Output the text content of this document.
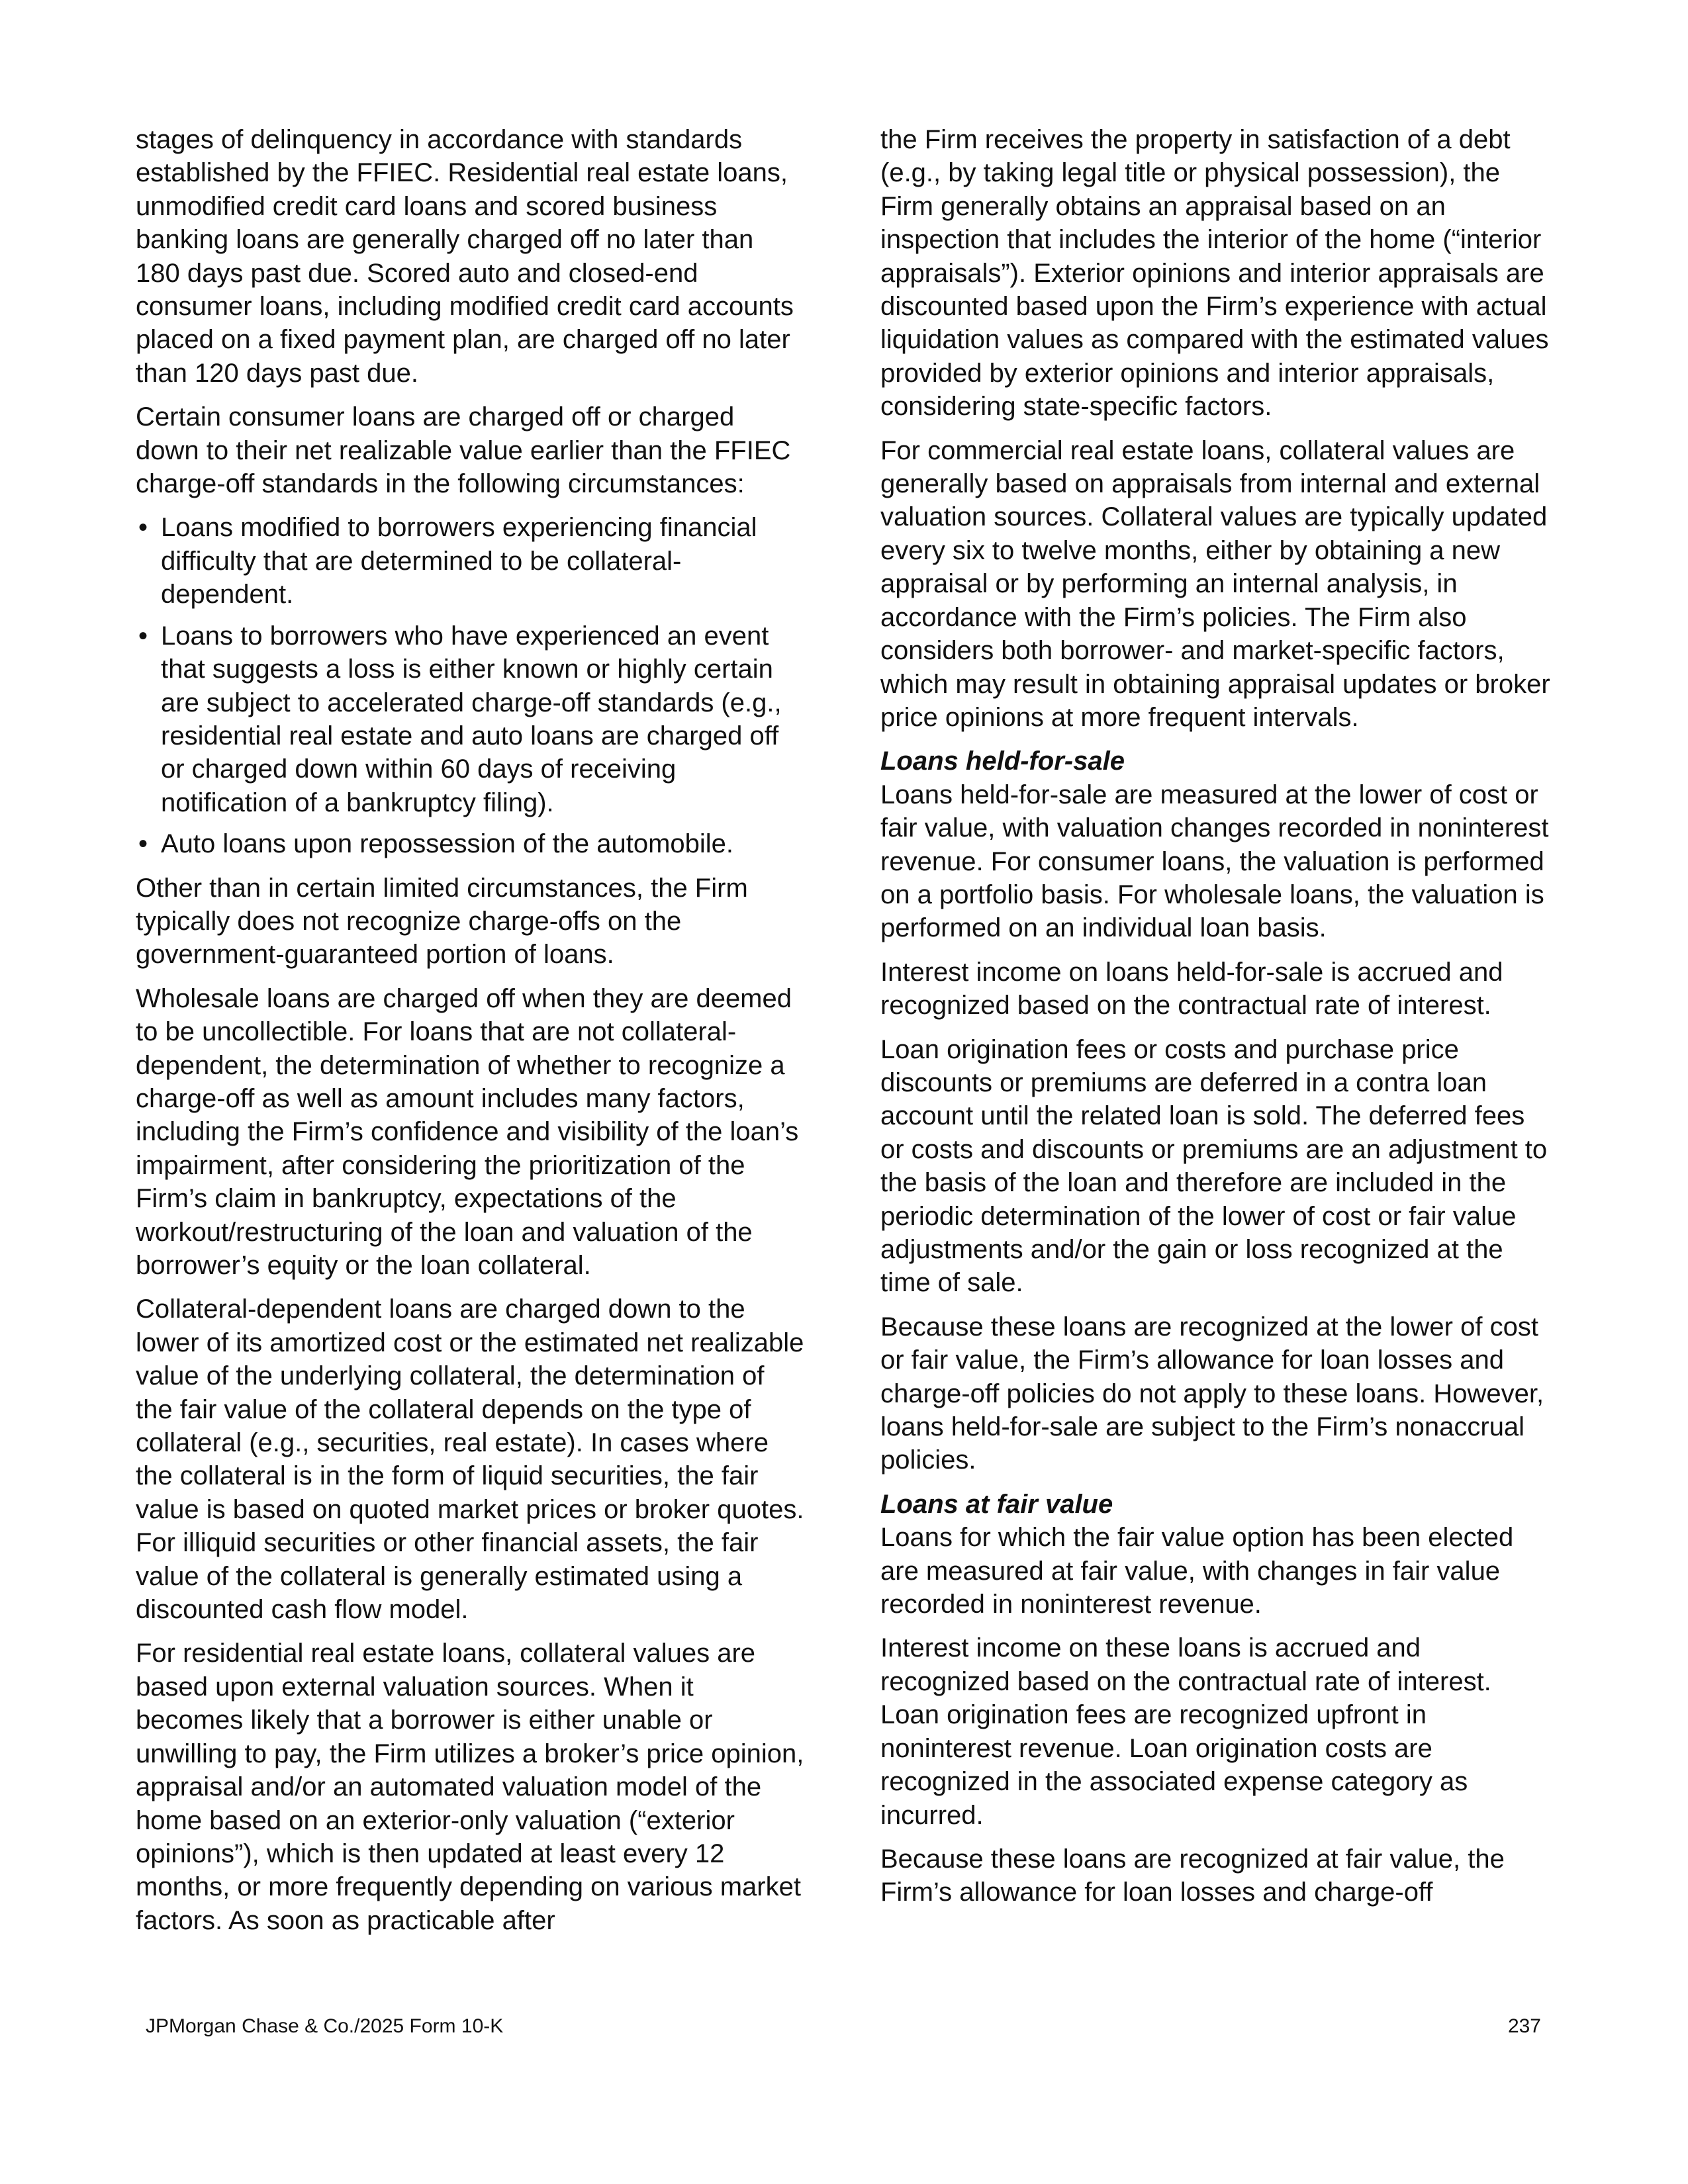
stages of delinquency in accordance with standards established by the FFIEC. Residential real estate loans, unmodified credit card loans and scored business banking loans are generally charged off no later than 180 days past due. Scored auto and closed-end consumer loans, including modified credit card accounts placed on a fixed payment plan, are charged off no later than 120 days past due.

Certain consumer loans are charged off or charged down to their net realizable value earlier than the FFIEC charge-off standards in the following circumstances:

• Loans modified to borrowers experiencing financial difficulty that are determined to be collateral-dependent.
• Loans to borrowers who have experienced an event that suggests a loss is either known or highly certain are subject to accelerated charge-off standards (e.g., residential real estate and auto loans are charged off or charged down within 60 days of receiving notification of a bankruptcy filing).
• Auto loans upon repossession of the automobile.

Other than in certain limited circumstances, the Firm typically does not recognize charge-offs on the government-guaranteed portion of loans.

Wholesale loans are charged off when they are deemed to be uncollectible. For loans that are not collateral-dependent, the determination of whether to recognize a charge-off as well as amount includes many factors, including the Firm’s confidence and visibility of the loan’s impairment, after considering the prioritization of the Firm’s claim in bankruptcy, expectations of the workout/restructuring of the loan and valuation of the borrower’s equity or the loan collateral.

Collateral-dependent loans are charged down to the lower of its amortized cost or the estimated net realizable value of the underlying collateral, the determination of the fair value of the collateral depends on the type of collateral (e.g., securities, real estate). In cases where the collateral is in the form of liquid securities, the fair value is based on quoted market prices or broker quotes. For illiquid securities or other financial assets, the fair value of the collateral is generally estimated using a discounted cash flow model.

For residential real estate loans, collateral values are based upon external valuation sources. When it becomes likely that a borrower is either unable or unwilling to pay, the Firm utilizes a broker’s price opinion, appraisal and/or an automated valuation model of the home based on an exterior-only valuation (“exterior opinions”), which is then updated at least every 12 months, or more frequently depending on various market factors. As soon as practicable after

the Firm receives the property in satisfaction of a debt (e.g., by taking legal title or physical possession), the Firm generally obtains an appraisal based on an inspection that includes the interior of the home (“interior appraisals”). Exterior opinions and interior appraisals are discounted based upon the Firm’s experience with actual liquidation values as compared with the estimated values provided by exterior opinions and interior appraisals, considering state-specific factors.

For commercial real estate loans, collateral values are generally based on appraisals from internal and external valuation sources. Collateral values are typically updated every six to twelve months, either by obtaining a new appraisal or by performing an internal analysis, in accordance with the Firm’s policies. The Firm also considers both borrower- and market-specific factors, which may result in obtaining appraisal updates or broker price opinions at more frequent intervals.

Loans held-for-sale

Loans held-for-sale are measured at the lower of cost or fair value, with valuation changes recorded in noninterest revenue. For consumer loans, the valuation is performed on a portfolio basis. For wholesale loans, the valuation is performed on an individual loan basis.

Interest income on loans held-for-sale is accrued and recognized based on the contractual rate of interest.

Loan origination fees or costs and purchase price discounts or premiums are deferred in a contra loan account until the related loan is sold. The deferred fees or costs and discounts or premiums are an adjustment to the basis of the loan and therefore are included in the periodic determination of the lower of cost or fair value adjustments and/or the gain or loss recognized at the time of sale.

Because these loans are recognized at the lower of cost or fair value, the Firm’s allowance for loan losses and charge-off policies do not apply to these loans. However, loans held-for-sale are subject to the Firm’s nonaccrual policies.

Loans at fair value

Loans for which the fair value option has been elected are measured at fair value, with changes in fair value recorded in noninterest revenue.

Interest income on these loans is accrued and recognized based on the contractual rate of interest. Loan origination fees are recognized upfront in noninterest revenue. Loan origination costs are recognized in the associated expense category as incurred.

Because these loans are recognized at fair value, the Firm’s allowance for loan losses and charge-off

JPMorgan Chase & Co./2025 Form 10-K	237
